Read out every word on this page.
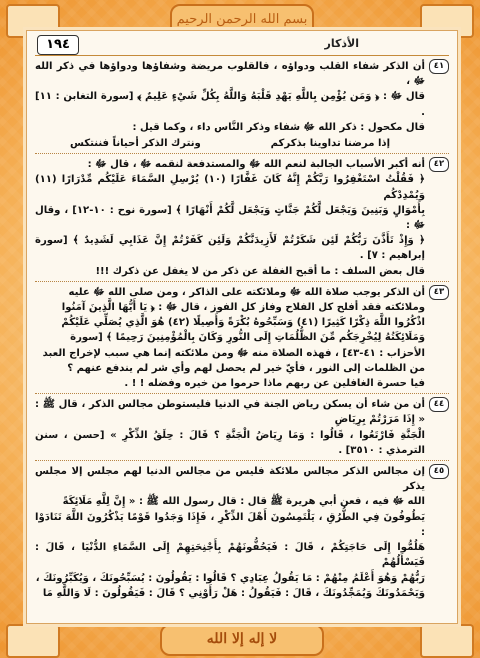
بسم الله الرحمن الرحيم
لا إله إلا الله
١٩٤	الأذكار
٤١

أن الذكر شفاء القلب ودواؤه ، فالقلوب مريضة وشفاؤها ودواؤها في ذكر الله ﷻ ،

قال ﷻ : ﴿ وَمَن يُؤْمِن بِاللَّهِ يَهْدِ قَلْبَهُ وَاللَّهُ بِكُلِّ شَيْءٍ عَلِيمٌ ﴾ [سورة التغابن : ١١] .

قال مكحول : ذكر الله ﷻ شفاء وذكر النَّاس داء ، وكما قيل :

إذا مرضنا تداوينا بذكركم
ونترك الذكر أحياناً فننتكس
٤٢

أنه أكبر الأسباب الجالبة لنعم الله ﷻ والمستدفعة لنقمه ﷻ ، قال ﷻ :

﴿ فَقُلْتُ اسْتَغْفِرُوا رَبَّكُمْ إِنَّهُ كَانَ غَفَّارًا (١٠) يُرْسِلِ السَّمَاءَ عَلَيْكُم مِّدْرَارًا (١١) وَيُمْدِدْكُم

بِأَمْوَالٍ وَبَنِينَ وَيَجْعَل لَّكُمْ جَنَّاتٍ وَيَجْعَل لَّكُمْ أَنْهَارًا ﴾ [سورة نوح : ١٠-١٢] ، وقال ﷻ :

﴿ وَإِذْ تَأَذَّنَ رَبُّكُمْ لَئِن شَكَرْتُمْ لَأَزِيدَنَّكُمْ وَلَئِن كَفَرْتُمْ إِنَّ عَذَابِي لَشَدِيدٌ ﴾ [سورة إبراهيم : ٧] .

قال بعض السلف : ما أقبح الغفلة عن ذكر من لا يغفل عن ذكرك !!!

٤٣

أن الذكر يوجب صلاة الله ﷻ وملائكته على الذاكر ، ومن صلى الله ﷻ عليه

وملائكته فقد أفلح كل الفلاح وفاز كل الفوز ، قال ﷻ : ﴿ يَا أَيُّهَا الَّذِينَ آمَنُوا

اذْكُرُوا اللَّهَ ذِكْرًا كَثِيرًا (٤١) وَسَبِّحُوهُ بُكْرَةً وَأَصِيلًا (٤٢) هُوَ الَّذِي يُصَلِّي عَلَيْكُمْ

وَمَلَائِكَتُهُ لِيُخْرِجَكُم مِّنَ الظُّلُمَاتِ إِلَى النُّورِ وَكَانَ بِالْمُؤْمِنِينَ رَحِيمًا ﴾ [سورة

الأحزاب : ٤١-٤٣] ، فهذه الصلاة منه ﷻ ومن ملائكته إنما هي سبب لإخراج العبد

من الظلمات إلى النور ، فأيّ خير لم يحصل لهم وأي شر لم يندفع عنهم ؟

فيا حسرة الغافلين عن ربهم ماذا حرموا من خيره وفضله ! ! .

٤٤

أن من شاء أن يسكن رياض الجنة في الدنيا فليستوطن مجالس الذكر ، قال ﷺ : « إِذَا مَرَرْتُمْ بِرِيَاضِ

الْجَنَّةِ فَارْتَعُوا ، قَالُوا : وَمَا رِيَاضُ الْجَنَّةِ ؟ قَالَ : حِلَقُ الذِّكْرِ » [حسن ، سنن الترمذي : ٣٥١٠] .

٤٥

إن مجالس الذكر مجالس ملائكة فليس من مجالس الدنيا لهم مجلس إلا مجلس يذكر

الله ﷻ فيه ، فعن أبي هريرة ﷺ قال : قال رسول الله ﷺ : « إِنَّ لِلَّهِ مَلَائِكَةً

يَطُوفُونَ فِي الطُّرُقِ ، يَلْتَمِسُونَ أَهْلَ الذِّكْرِ ، فَإِذَا وَجَدُوا قَوْمًا يَذْكُرُونَ اللَّهَ تَنَادَوْا :

هَلُمُّوا إِلَى حَاجَتِكُمْ ، قَالَ : فَيَحُفُّونَهُمْ بِأَجْنِحَتِهِمْ إِلَى السَّمَاءِ الدُّنْيَا ، قَالَ : فَيَسْأَلُهُمْ

رَبُّهُمْ وَهُوَ أَعْلَمُ مِنْهُمْ : مَا يَقُولُ عِبَادِي ؟ قَالُوا : يَقُولُونَ : يُسَبِّحُونَكَ ، وَيُكَبِّرُونَكَ ،

وَيَحْمَدُونَكَ وَيُمَجِّدُونَكَ ، قَالَ : فَيَقُولُ : هَلْ رَأَوْنِي ؟ قَالَ : فَيَقُولُونَ : لَا وَاللَّهِ مَا
